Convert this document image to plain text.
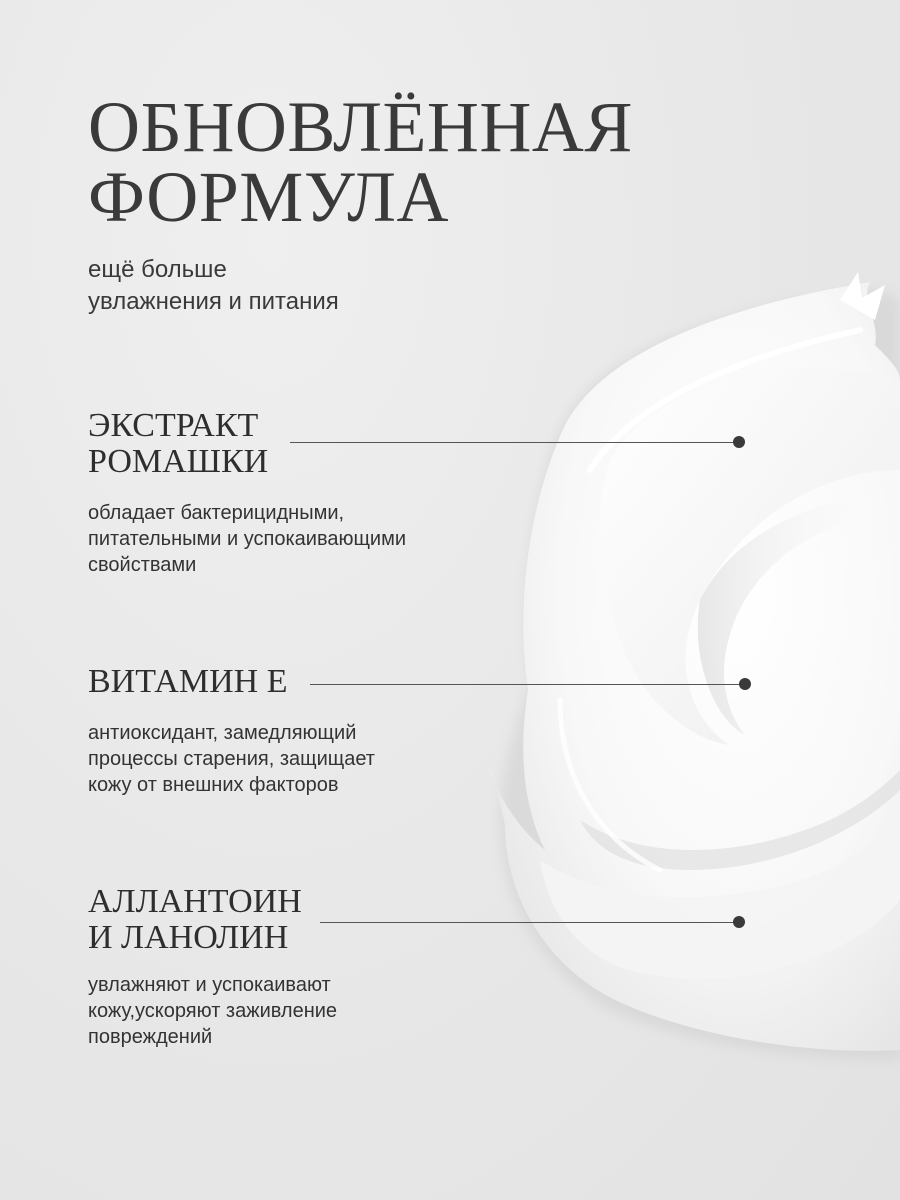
ОБНОВЛЁННАЯ
ФОРМУЛА
ещё больше
увлажнения и питания
ЭКСТРАКТ
РОМАШКИ
обладает бактерицидными,
питательными и успокаивающими
свойствами
ВИТАМИН Е
антиоксидант, замедляющий
процессы старения, защищает
кожу от внешних факторов
АЛЛАНТОИН
И ЛАНОЛИН
увлажняют и успокаивают
кожу,ускоряют заживление
повреждений
